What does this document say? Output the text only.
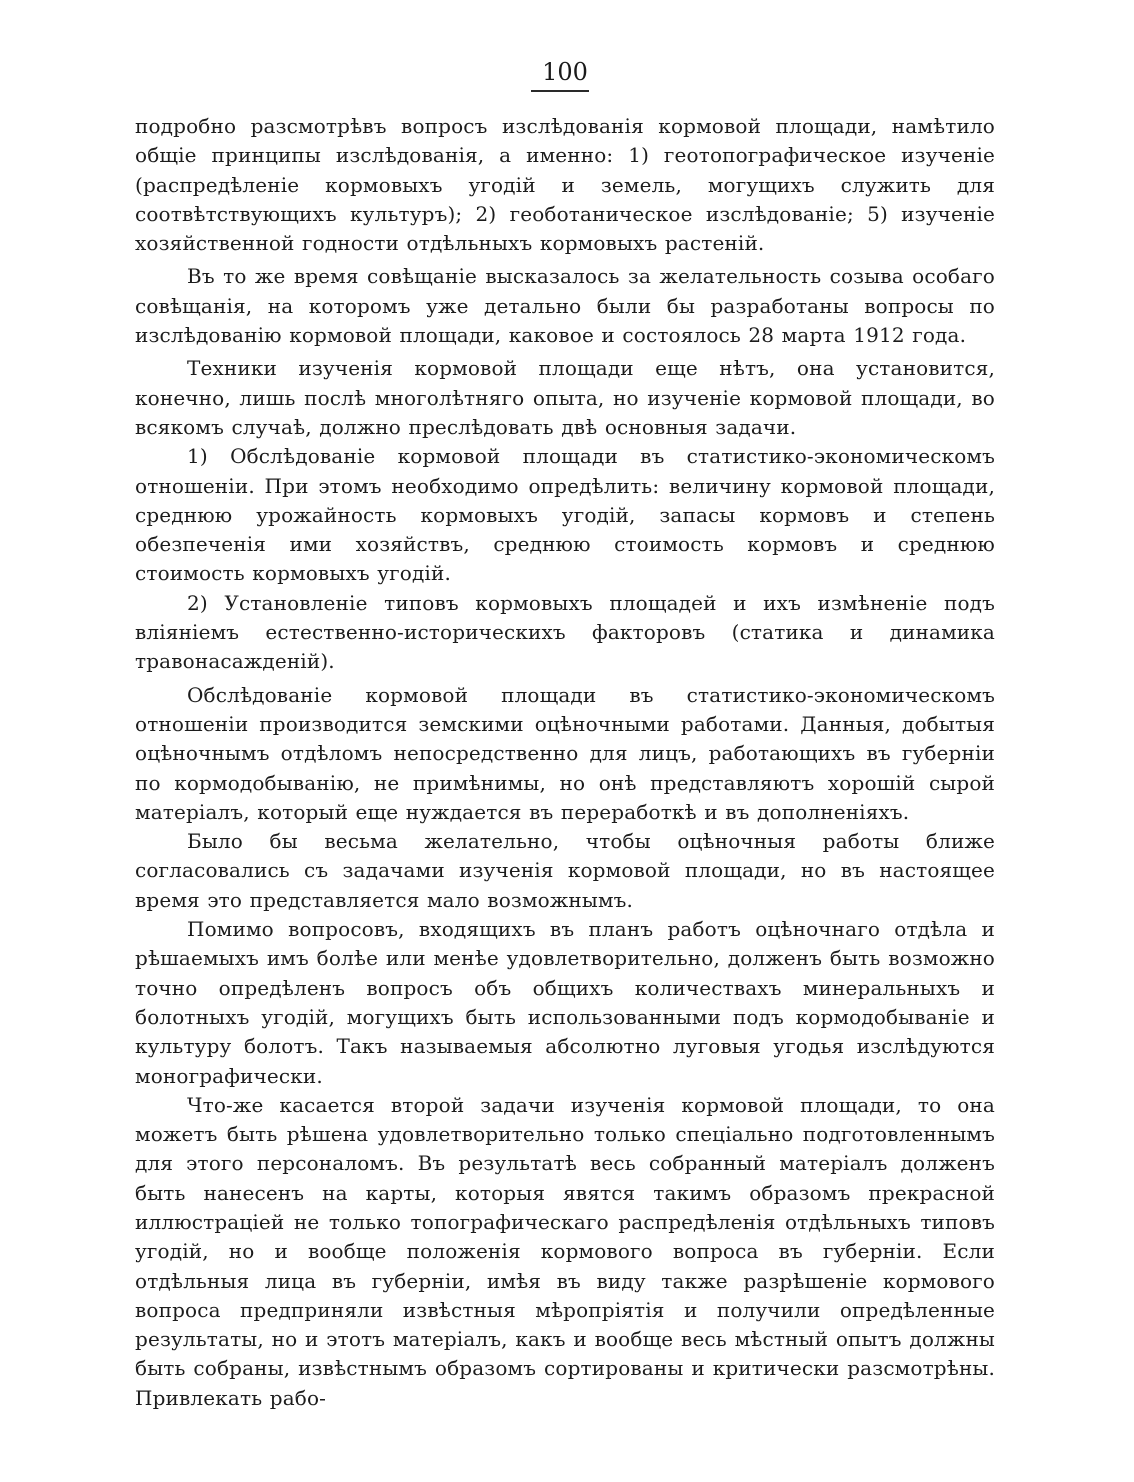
100

подробно разсмотрѣвъ вопросъ изслѣдованія кормовой площади, намѣтило общіе принципы изслѣдованія, а именно: 1) геотопографическое изученіе (распредѣленіе кормовыхъ угодій и земель, могущихъ служить для соотвѣтствующихъ культуръ); 2) геоботаническое изслѣдованіе; 5) изученіе хозяйственной годности отдѣльныхъ кормовыхъ растеній.

Въ то же время совѣщаніе высказалось за желательность созыва особаго совѣщанія, на которомъ уже детально были бы разработаны вопросы по изслѣдованію кормовой площади, каковое и состоялось 28 марта 1912 года.

Техники изученія кормовой площади еще нѣтъ, она установится, конечно, лишь послѣ многолѣтняго опыта, но изученіе кормовой площади, во всякомъ случаѣ, должно преслѣдовать двѣ основныя задачи.

1) Обслѣдованіе кормовой площади въ статистико-экономическомъ отношеніи. При этомъ необходимо опредѣлить: величину кормовой площади, среднюю урожайность кормовыхъ угодій, запасы кормовъ и степень обезпеченія ими хозяйствъ, среднюю стоимость кормовъ и среднюю стоимость кормовыхъ угодій.

2) Установленіе типовъ кормовыхъ площадей и ихъ измѣненіе подъ вліяніемъ естественно-историческихъ факторовъ (статика и динамика травонасажденій).

Обслѣдованіе кормовой площади въ статистико-экономическомъ отношеніи производится земскими оцѣночными работами. Данныя, добытыя оцѣночнымъ отдѣломъ непосредственно для лицъ, работающихъ въ губерніи по кормодобыванію, не примѣнимы, но онѣ представляютъ хорошій сырой матеріалъ, который еще нуждается въ переработкѣ и въ дополненіяхъ.

Было бы весьма желательно, чтобы оцѣночныя работы ближе согласовались съ задачами изученія кормовой площади, но въ настоящее время это представляется мало возможнымъ.

Помимо вопросовъ, входящихъ въ планъ работъ оцѣночнаго отдѣла и рѣшаемыхъ имъ болѣе или менѣе удовлетворительно, долженъ быть возможно точно опредѣленъ вопросъ объ общихъ количествахъ минеральныхъ и болотныхъ угодій, могущихъ быть использованными подъ кормодобываніе и культуру болотъ. Такъ называемыя абсолютно луговыя угодья изслѣдуются монографически.

Что-же касается второй задачи изученія кормовой площади, то она можетъ быть рѣшена удовлетворительно только спеціально подготовленнымъ для этого персоналомъ. Въ результатѣ весь собранный матеріалъ долженъ быть нанесенъ на карты, которыя явятся такимъ образомъ прекрасной иллюстраціей не только топографическаго распредѣленія отдѣльныхъ типовъ угодій, но и вообще положенія кормового вопроса въ губерніи. Если отдѣльныя лица въ губерніи, имѣя въ виду также разрѣшеніе кормового вопроса предприняли извѣстныя мѣропріятія и получили опредѣленные результаты, но и этотъ матеріалъ, какъ и вообще весь мѣстный опытъ должны быть собраны, извѣстнымъ образомъ сортированы и критически разсмотрѣны. Привлекать рабо-
